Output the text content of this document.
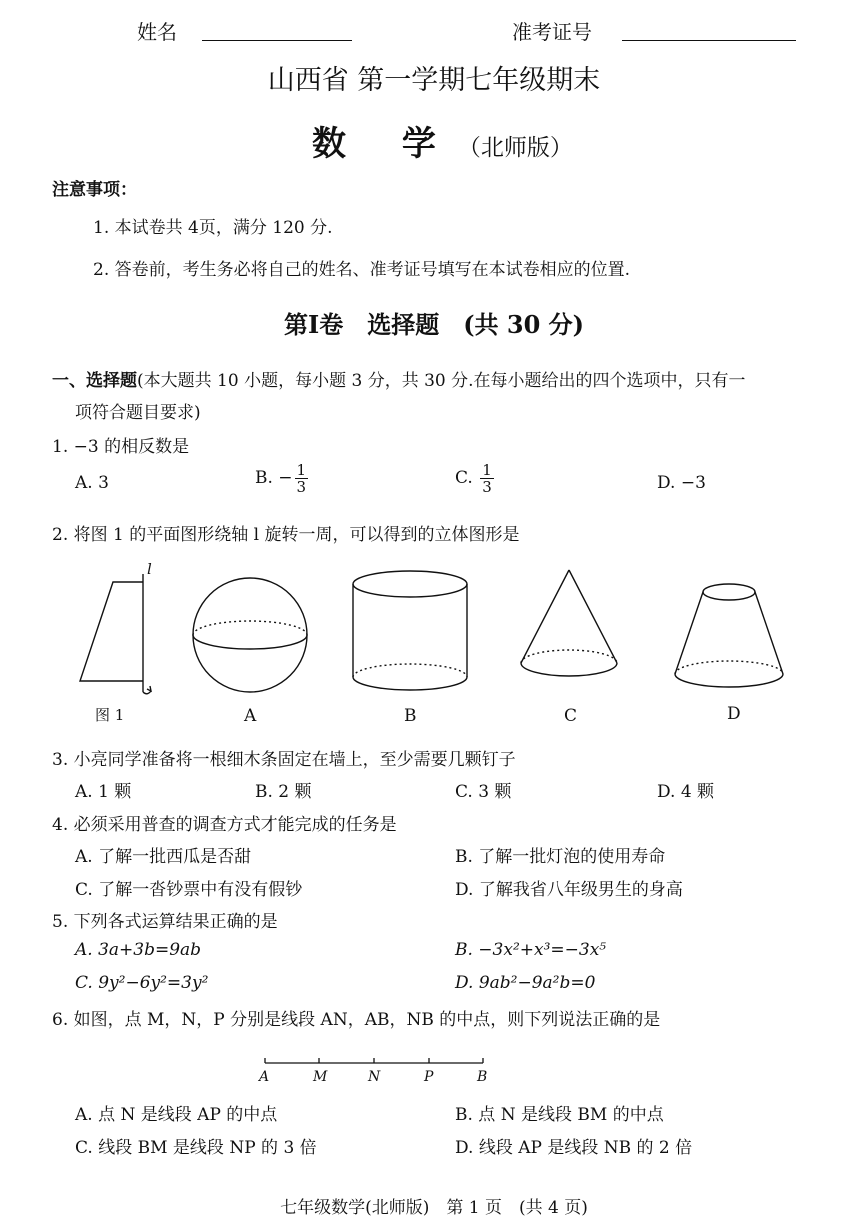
姓名	准考证号
山西省 第一学期七年级期末
数 学（北师版）
注意事项：
1. 本试卷共 4页，满分 120 分.
2. 答卷前，考生务必将自己的姓名、准考证号填写在本试卷相应的位置.
第Ⅰ卷　选择题　(共 30 分)
一、选择题(本大题共 10 小题，每小题 3 分，共 30 分.在每小题给出的四个选项中，只有一
项符合题目要求)
1. −3 的相反数是
A. 3	B. − $\frac{1}{3}$	C. $\frac{1}{3}$	D. −3
2. 将图 1 的平面图形绕轴 l 旋转一周，可以得到的立体图形是
l
图 1	A	B	C	D
3. 小亮同学准备将一根细木条固定在墙上，至少需要几颗钉子
A. 1 颗	B. 2 颗	C. 3 颗	D. 4 颗
4. 必须采用普查的调查方式才能完成的任务是
A. 了解一批西瓜是否甜	B. 了解一批灯泡的使用寿命
C. 了解一沓钞票中有没有假钞	D. 了解我省八年级男生的身高
5. 下列各式运算结果正确的是
A. 3a+3b=9ab	B. −3x²+x³=−3x⁵
C. 9y²−6y²=3y²	D. 9ab²−9a²b=0
6. 如图，点 M，N，P 分别是线段 AN，AB，NB 的中点，则下列说法正确的是
A	M	N	P	B
A. 点 N 是线段 AP 的中点	B. 点 N 是线段 BM 的中点
C. 线段 BM 是线段 NP 的 3 倍	D. 线段 AP 是线段 NB 的 2 倍
七年级数学(北师版)　第 1 页　(共 4 页)
